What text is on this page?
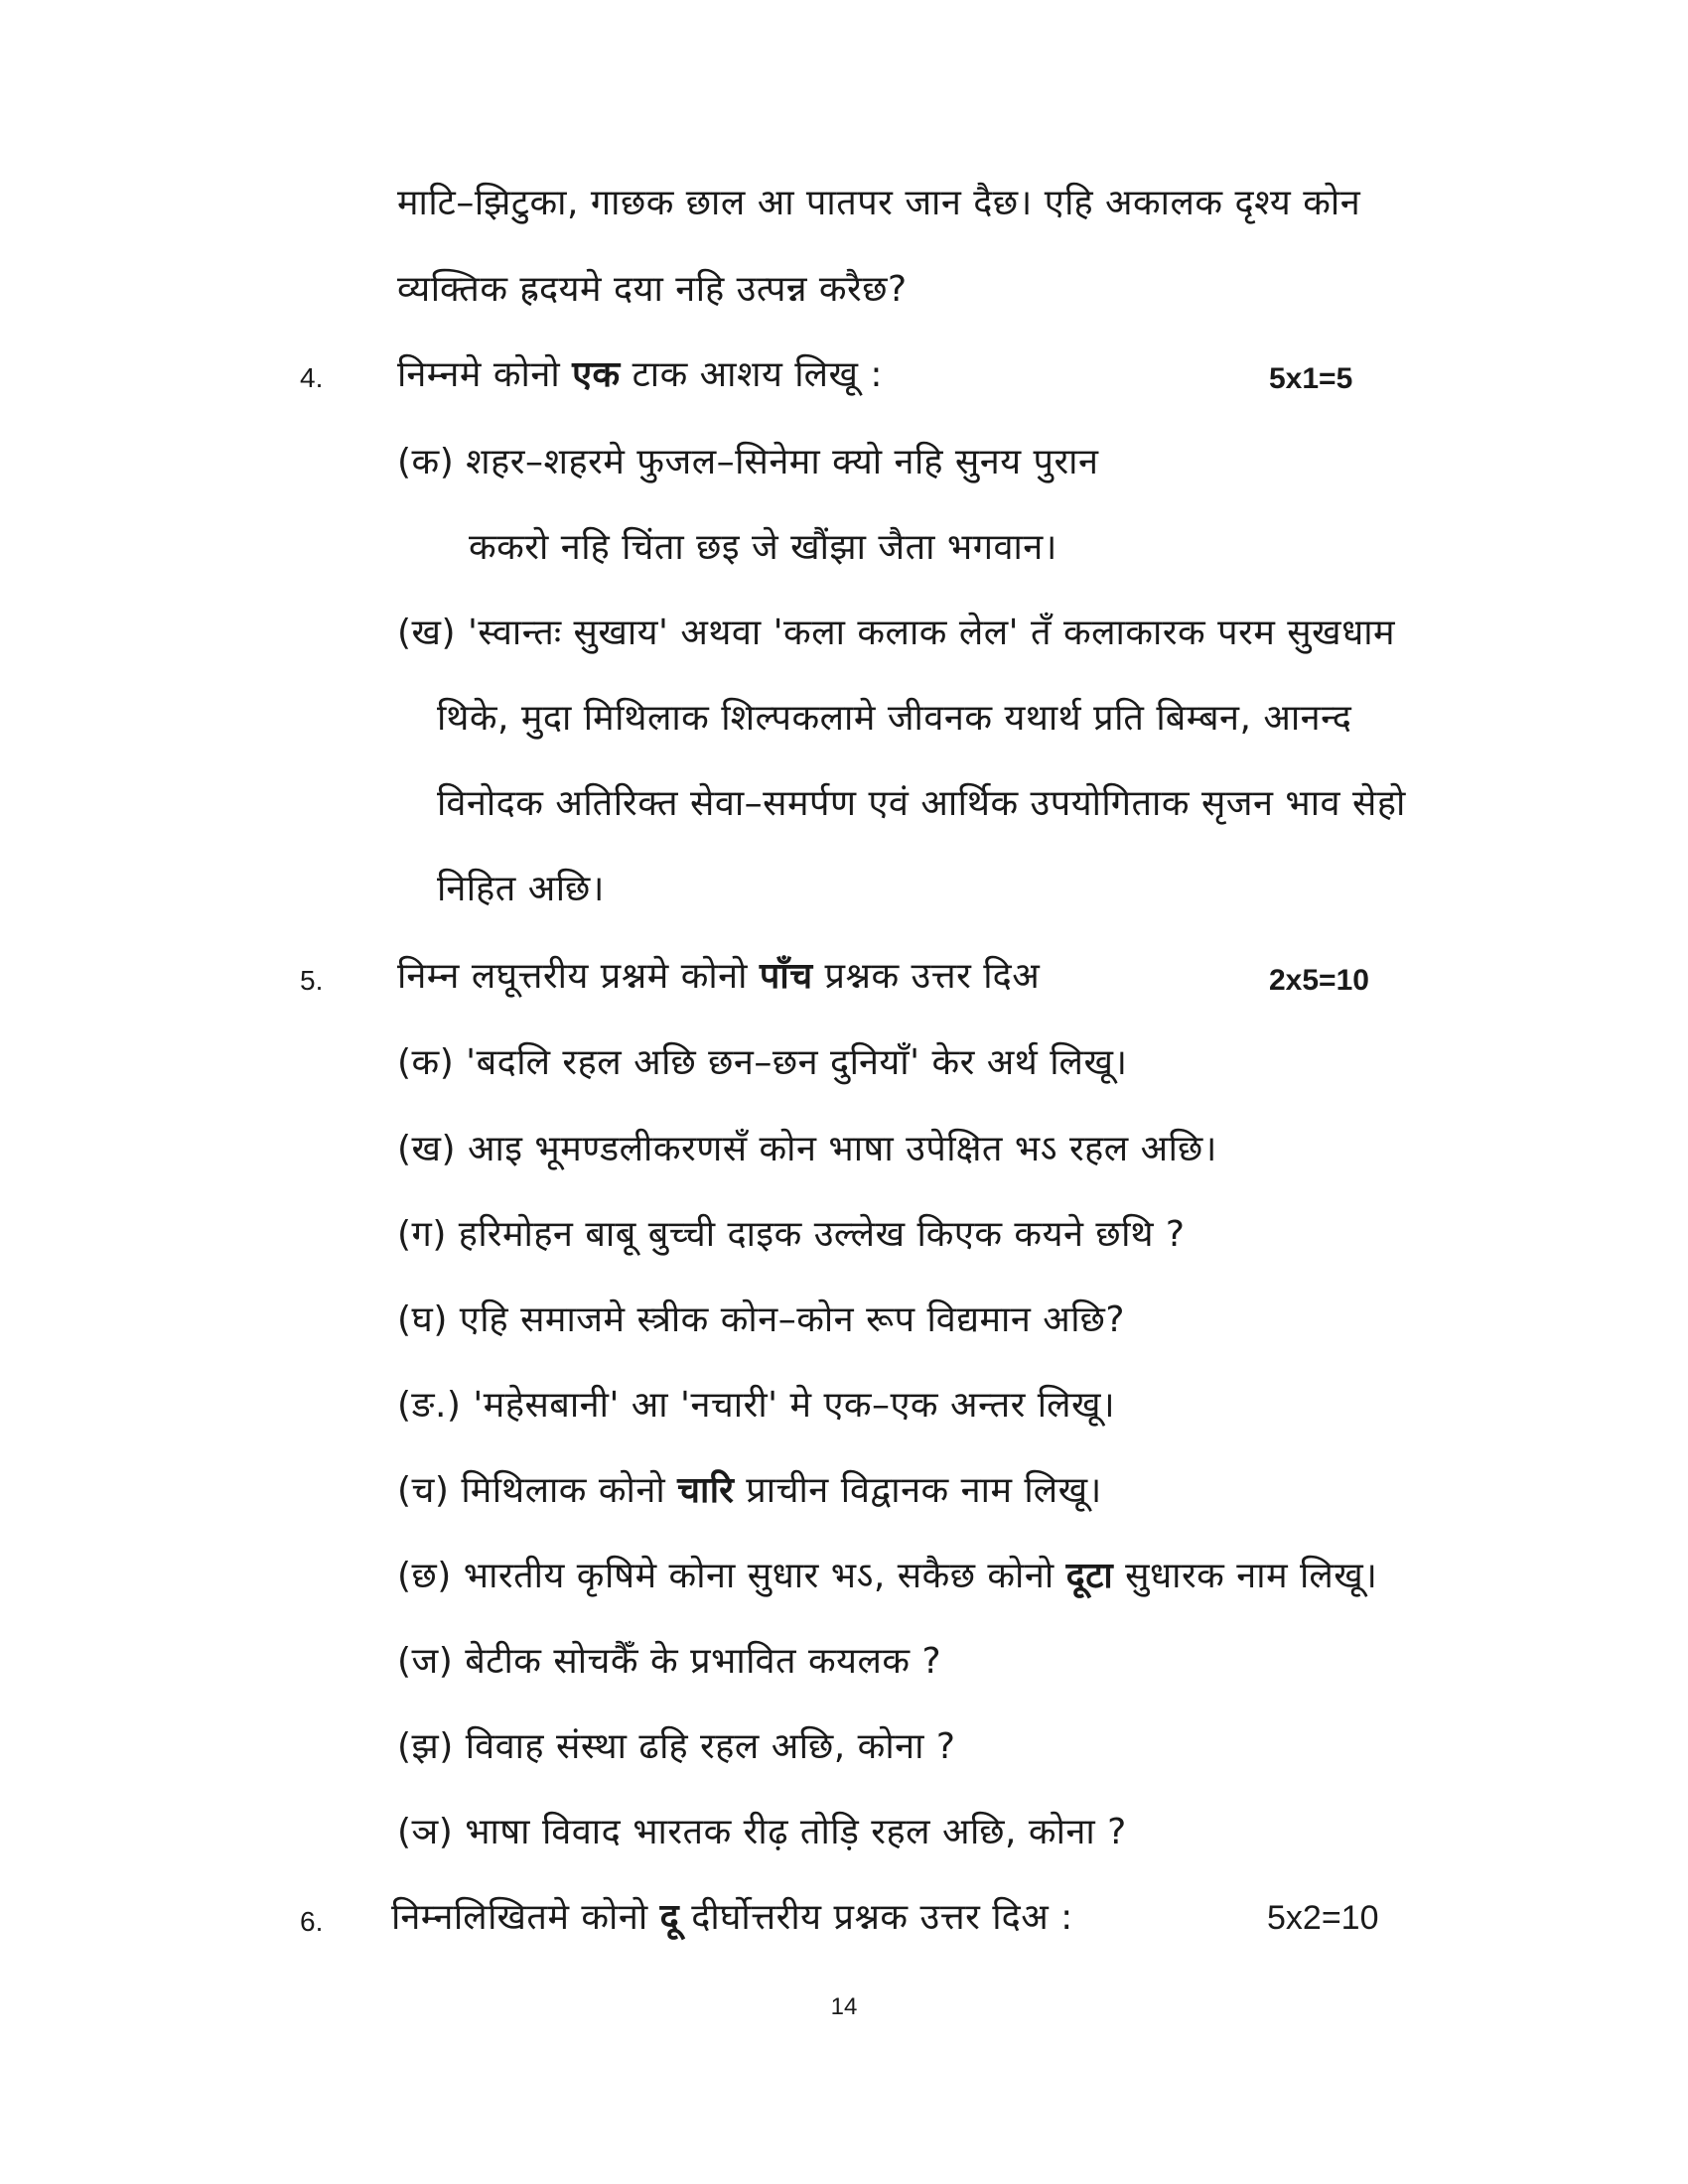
माटि–झिटुका, गाछक छाल आ पातपर जान दैछ। एहि अकालक दृश्य कोन
व्यक्तिक ह्रदयमे दया नहि उत्पन्न करैछ?
4. निम्नमे कोनो एक टाक आशय लिखू :	5x1=5
(क) शहर–शहरमे फुजल–सिनेमा क्यो नहि सुनय पुरान
ककरो नहि चिंता छइ जे खौंझा जैता भगवान।
(ख) 'स्वान्तः सुखाय' अथवा 'कला कलाक लेल' तँ कलाकारक परम सुखधाम
थिके, मुदा मिथिलाक शिल्पकलामे जीवनक यथार्थ प्रति बिम्बन, आनन्द
विनोदक अतिरिक्त सेवा–समर्पण एवं आर्थिक उपयोगिताक सृजन भाव सेहो
निहित अछि।
5. निम्न लघूत्तरीय प्रश्नमे कोनो पाँच प्रश्नक उत्तर दिअ	2x5=10
(क) 'बदलि रहल अछि छन–छन दुनियाँ' केर अर्थ लिखू।
(ख) आइ भूमण्डलीकरणसँ कोन भाषा उपेक्षित भऽ रहल अछि।
(ग) हरिमोहन बाबू बुच्ची दाइक उल्लेख किएक कयने छथि ?
(घ) एहि समाजमे स्त्रीक कोन–कोन रूप विद्यमान अछि?
(ङ.) 'महेसबानी' आ 'नचारी' मे एक–एक अन्तर लिखू।
(च) मिथिलाक कोनो चारि प्राचीन विद्वानक नाम लिखू।
(छ) भारतीय कृषिमे कोना सुधार भऽ, सकैछ कोनो दूटा सुधारक नाम लिखू।
(ज) बेटीक सोचकैँ के प्रभावित कयलक ?
(झ) विवाह संस्था ढहि रहल अछि, कोना ?
(ञ) भाषा विवाद भारतक रीढ़ तोड़ि रहल अछि, कोना ?
6. निम्नलिखितमे कोनो दू दीर्घोत्तरीय प्रश्नक उत्तर दिअ :	5x2=10
14
